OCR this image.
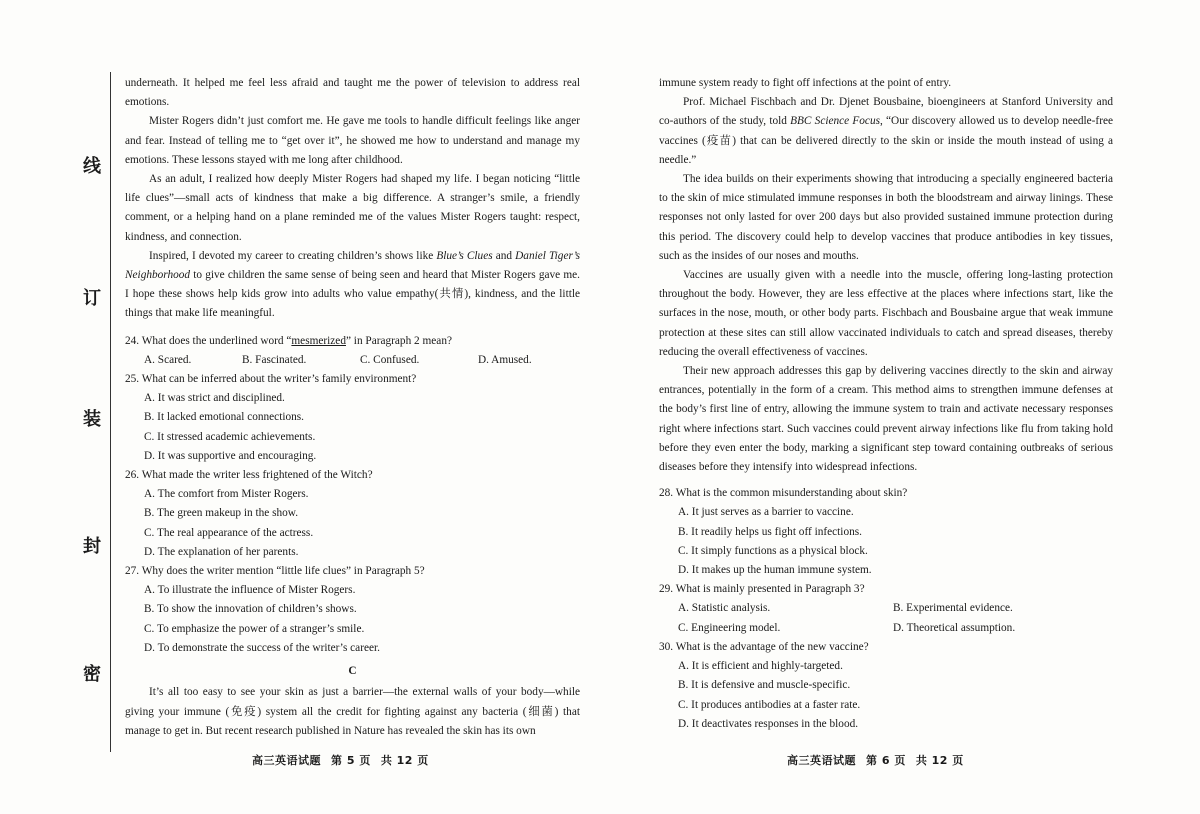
线
订
装
封
密

underneath. It helped me feel less afraid and taught me the power of television to address real emotions.

Mister Rogers didn’t just comfort me. He gave me tools to handle difficult feelings like anger and fear. Instead of telling me to “get over it”, he showed me how to understand and manage my emotions. These lessons stayed with me long after childhood.

As an adult, I realized how deeply Mister Rogers had shaped my life. I began noticing “little life clues”—small acts of kindness that make a big difference. A stranger’s smile, a friendly comment, or a helping hand on a plane reminded me of the values Mister Rogers taught: respect, kindness, and connection.

Inspired, I devoted my career to creating children’s shows like Blue’s Clues and Daniel Tiger’s Neighborhood to give children the same sense of being seen and heard that Mister Rogers gave me. I hope these shows help kids grow into adults who value empathy(共情), kindness, and the little things that make life meaningful.

24. What does the underlined word “mesmerized” in Paragraph 2 mean?
A. Scared.	B. Fascinated.	C. Confused.	D. Amused.
25. What can be inferred about the writer’s family environment?
A. It was strict and disciplined.
B. It lacked emotional connections.
C. It stressed academic achievements.
D. It was supportive and encouraging.
26. What made the writer less frightened of the Witch?
A. The comfort from Mister Rogers.
B. The green makeup in the show.
C. The real appearance of the actress.
D. The explanation of her parents.
27. Why does the writer mention “little life clues” in Paragraph 5?
A. To illustrate the influence of Mister Rogers.
B. To show the innovation of children’s shows.
C. To emphasize the power of a stranger’s smile.
D. To demonstrate the success of the writer’s career.
C

It’s all too easy to see your skin as just a barrier—the external walls of your body—while giving your immune (免疫) system all the credit for fighting against any bacteria (细菌) that manage to get in. But recent research published in Nature has revealed the skin has its own

高三英语试题 第 5 页 共 12 页

immune system ready to fight off infections at the point of entry.

Prof. Michael Fischbach and Dr. Djenet Bousbaine, bioengineers at Stanford University and co-authors of the study, told BBC Science Focus, “Our discovery allowed us to develop needle-free vaccines (疫苗) that can be delivered directly to the skin or inside the mouth instead of using a needle.”

The idea builds on their experiments showing that introducing a specially engineered bacteria to the skin of mice stimulated immune responses in both the bloodstream and airway linings. These responses not only lasted for over 200 days but also provided sustained immune protection during this period. The discovery could help to develop vaccines that produce antibodies in key tissues, such as the insides of our noses and mouths.

Vaccines are usually given with a needle into the muscle, offering long-lasting protection throughout the body. However, they are less effective at the places where infections start, like the surfaces in the nose, mouth, or other body parts. Fischbach and Bousbaine argue that weak immune protection at these sites can still allow vaccinated individuals to catch and spread diseases, thereby reducing the overall effectiveness of vaccines.

Their new approach addresses this gap by delivering vaccines directly to the skin and airway entrances, potentially in the form of a cream. This method aims to strengthen immune defenses at the body’s first line of entry, allowing the immune system to train and activate necessary responses right where infections start. Such vaccines could prevent airway infections like flu from taking hold before they even enter the body, marking a significant step toward containing outbreaks of serious diseases before they intensify into widespread infections.

28. What is the common misunderstanding about skin?
A. It just serves as a barrier to vaccine.
B. It readily helps us fight off infections.
C. It simply functions as a physical block.
D. It makes up the human immune system.
29. What is mainly presented in Paragraph 3?
A. Statistic analysis.	B. Experimental evidence.
C. Engineering model.	D. Theoretical assumption.
30. What is the advantage of the new vaccine?
A. It is efficient and highly-targeted.
B. It is defensive and muscle-specific.
C. It produces antibodies at a faster rate.
D. It deactivates responses in the blood.
高三英语试题 第 6 页 共 12 页
